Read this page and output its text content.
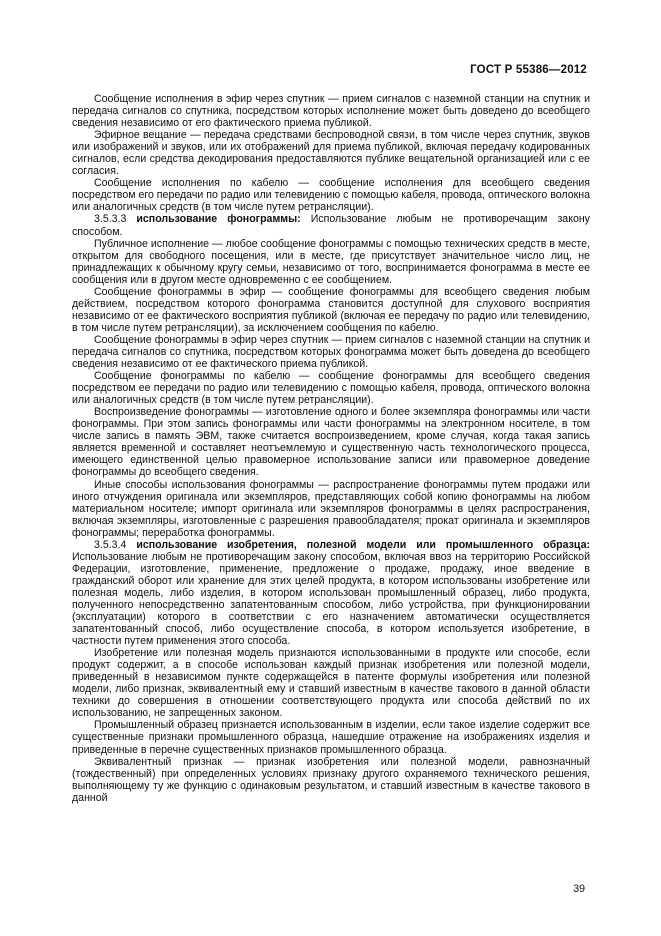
ГОСТ Р 55386—2012

Сообщение исполнения в эфир через спутник — прием сигналов с наземной станции на спутник и передача сигналов со спутника, посредством которых исполнение может быть доведено до всеобщего сведения независимо от его фактического приема публикой.

Эфирное вещание — передача средствами беспроводной связи, в том числе через спутник, звуков или изображений и звуков, или их отображений для приема публикой, включая передачу кодированных сигналов, если средства декодирования предоставляются публике вещательной организацией или с ее согласия.

Сообщение исполнения по кабелю — сообщение исполнения для всеобщего сведения посредством его передачи по радио или телевидению с помощью кабеля, провода, оптического волокна или аналогичных средств (в том числе путем ретрансляции).

3.5.3.3 использование фонограммы: Использование любым не противоречащим закону способом.

Публичное исполнение — любое сообщение фонограммы с помощью технических средств в месте, открытом для свободного посещения, или в месте, где присутствует значительное число лиц, не принадлежащих к обычному кругу семьи, независимо от того, воспринимается фонограмма в месте ее сообщения или в другом месте одновременно с ее сообщением.

Сообщение фонограммы в эфир — сообщение фонограммы для всеобщего сведения любым действием, посредством которого фонограмма становится доступной для слухового восприятия независимо от ее фактического восприятия публикой (включая ее передачу по радио или телевидению, в том числе путем ретрансляции), за исключением сообщения по кабелю.

Сообщение фонограммы в эфир через спутник — прием сигналов с наземной станции на спутник и передача сигналов со спутника, посредством которых фонограмма может быть доведена до всеобщего сведения независимо от ее фактического приема публикой.

Сообщение фонограммы по кабелю — сообщение фонограммы для всеобщего сведения посредством ее передачи по радио или телевидению с помощью кабеля, провода, оптического волокна или аналогичных средств (в том числе путем ретрансляции).

Воспроизведение фонограммы — изготовление одного и более экземпляра фонограммы или части фонограммы. При этом запись фонограммы или части фонограммы на электронном носителе, в том числе запись в память ЭВМ, также считается воспроизведением, кроме случая, когда такая запись является временной и составляет неотъемлемую и существенную часть технологического процесса, имеющего единственной целью правомерное использование записи или правомерное доведение фонограммы до всеобщего сведения.

Иные способы использования фонограммы — распространение фонограммы путем продажи или иного отчуждения оригинала или экземпляров, представляющих собой копию фонограммы на любом материальном носителе; импорт оригинала или экземпляров фонограммы в целях распространения, включая экземпляры, изготовленные с разрешения правообладателя; прокат оригинала и экземпляров фонограммы; переработка фонограммы.

3.5.3.4 использование изобретения, полезной модели или промышленного образца: Использование любым не противоречащим закону способом, включая ввоз на территорию Российской Федерации, изготовление, применение, предложение о продаже, продажу, иное введение в гражданский оборот или хранение для этих целей продукта, в котором использованы изобретение или полезная модель, либо изделия, в котором использован промышленный образец, либо продукта, полученного непосредственно запатентованным способом, либо устройства, при функционировании (эксплуатации) которого в соответствии с его назначением автоматически осуществляется запатентованный способ, либо осуществление способа, в котором используется изобретение, в частности путем применения этого способа.

Изобретение или полезная модель признаются использованными в продукте или способе, если продукт содержит, а в способе использован каждый признак изобретения или полезной модели, приведенный в независимом пункте содержащейся в патенте формулы изобретения или полезной модели, либо признак, эквивалентный ему и ставший известным в качестве такового в данной области техники до совершения в отношении соответствующего продукта или способа действий по их использованию, не запрещенных законом.

Промышленный образец признается использованным в изделии, если такое изделие содержит все существенные признаки промышленного образца, нашедшие отражение на изображениях изделия и приведенные в перечне существенных признаков промышленного образца.

Эквивалентный признак — признак изобретения или полезной модели, равнозначный (тождественный) при определенных условиях признаку другого охраняемого технического решения, выполняющему ту же функцию с одинаковым результатом, и ставший известным в качестве такового в данной

39
